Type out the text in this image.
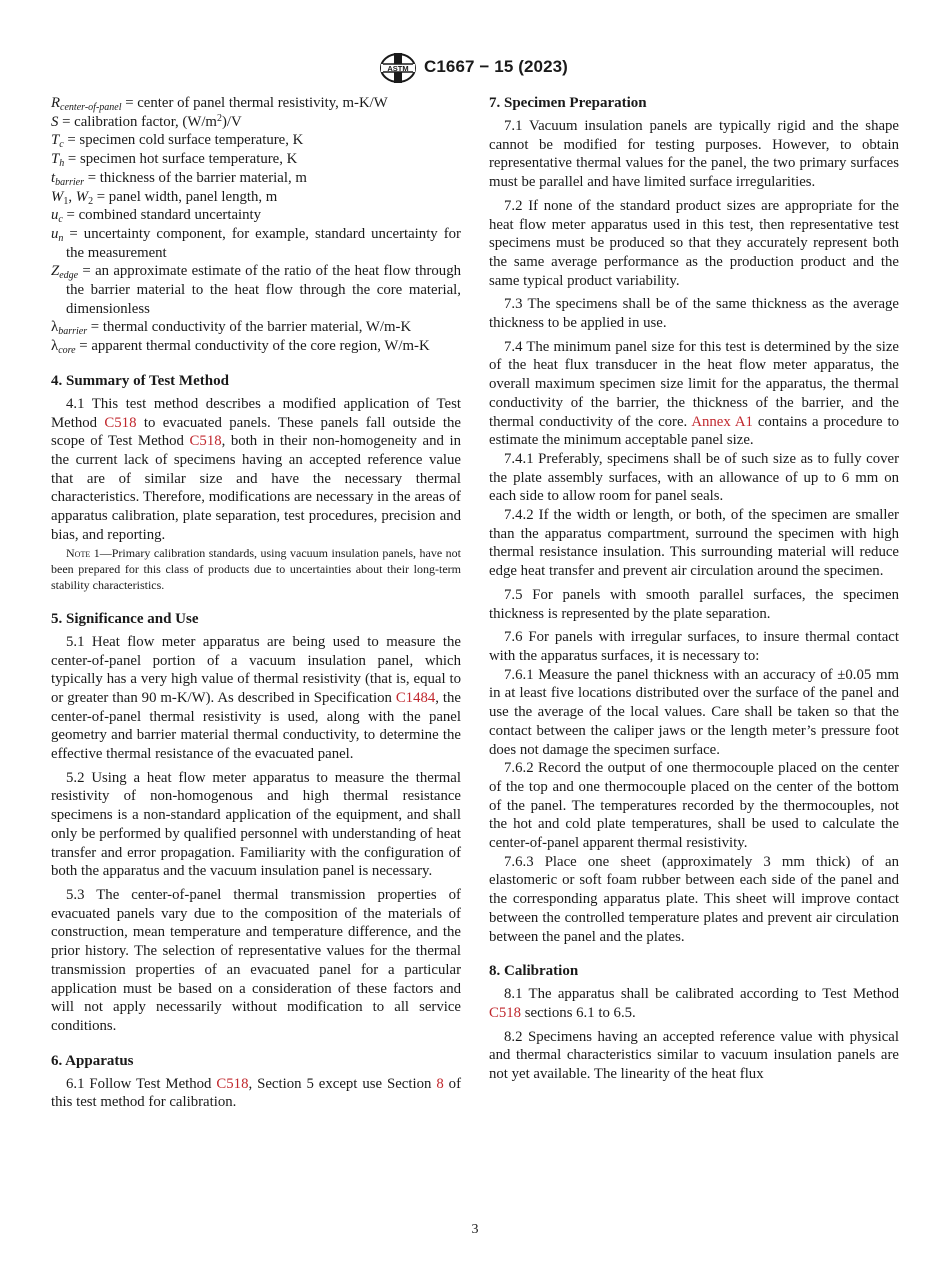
ASTM C1667 − 15 (2023)

$R_{center-of-panel}$ = center of panel thermal resistivity, m-K/W

S = calibration factor, $(W/m^2)/V$

$T_c$ = specimen cold surface temperature, K

$T_h$ = specimen hot surface temperature, K

$t_{barrier}$ = thickness of the barrier material, m

$W_1$, $W_2$ = panel width, panel length, m

$u_c$ = combined standard uncertainty

$u_n$ = uncertainty component, for example, standard uncertainty for the measurement

$Z_{edge}$ = an approximate estimate of the ratio of the heat flow through the barrier material to the heat flow through the core material, dimensionless

$\lambda_{barrier}$ = thermal conductivity of the barrier material, W/m-K

$\lambda_{core}$ = apparent thermal conductivity of the core region, W/m-K

4. Summary of Test Method

4.1 This test method describes a modified application of Test Method C518 to evacuated panels. These panels fall outside the scope of Test Method C518, both in their non-homogeneity and in the current lack of specimens having an accepted reference value that are of similar size and have the necessary thermal characteristics. Therefore, modifications are necessary in the areas of apparatus calibration, plate separation, test procedures, precision and bias, and reporting.

Note 1—Primary calibration standards, using vacuum insulation panels, have not been prepared for this class of products due to uncertainties about their long-term stability characteristics.
5. Significance and Use

5.1 Heat flow meter apparatus are being used to measure the center-of-panel portion of a vacuum insulation panel, which typically has a very high value of thermal resistivity (that is, equal to or greater than 90 m-K/W). As described in Specification C1484, the center-of-panel thermal resistivity is used, along with the panel geometry and barrier material thermal conductivity, to determine the effective thermal resistance of the evacuated panel.

5.2 Using a heat flow meter apparatus to measure the thermal resistivity of non-homogenous and high thermal resistance specimens is a non-standard application of the equipment, and shall only be performed by qualified personnel with understanding of heat transfer and error propagation. Familiarity with the configuration of both the apparatus and the vacuum insulation panel is necessary.

5.3 The center-of-panel thermal transmission properties of evacuated panels vary due to the composition of the materials of construction, mean temperature and temperature difference, and the prior history. The selection of representative values for the thermal transmission properties of an evacuated panel for a particular application must be based on a consideration of these factors and will not apply necessarily without modification to all service conditions.

6. Apparatus

6.1 Follow Test Method C518, Section 5 except use Section 8 of this test method for calibration.

7. Specimen Preparation

7.1 Vacuum insulation panels are typically rigid and the shape cannot be modified for testing purposes. However, to obtain representative thermal values for the panel, the two primary surfaces must be parallel and have limited surface irregularities.

7.2 If none of the standard product sizes are appropriate for the heat flow meter apparatus used in this test, then representative test specimens must be produced so that they accurately represent both the same average performance as the production product and the same typical product variability.

7.3 The specimens shall be of the same thickness as the average thickness to be applied in use.

7.4 The minimum panel size for this test is determined by the size of the heat flux transducer in the heat flow meter apparatus, the overall maximum specimen size limit for the apparatus, the thermal conductivity of the barrier, the thickness of the barrier, and the thermal conductivity of the core. Annex A1 contains a procedure to estimate the minimum acceptable panel size.

7.4.1 Preferably, specimens shall be of such size as to fully cover the plate assembly surfaces, with an allowance of up to 6 mm on each side to allow room for panel seals.

7.4.2 If the width or length, or both, of the specimen are smaller than the apparatus compartment, surround the specimen with high thermal resistance insulation. This surrounding material will reduce edge heat transfer and prevent air circulation around the specimen.

7.5 For panels with smooth parallel surfaces, the specimen thickness is represented by the plate separation.

7.6 For panels with irregular surfaces, to insure thermal contact with the apparatus surfaces, it is necessary to:

7.6.1 Measure the panel thickness with an accuracy of ±0.05 mm in at least five locations distributed over the surface of the panel and use the average of the local values. Care shall be taken so that the contact between the caliper jaws or the length meter’s pressure foot does not damage the specimen surface.

7.6.2 Record the output of one thermocouple placed on the center of the top and one thermocouple placed on the center of the bottom of the panel. The temperatures recorded by the thermocouples, not the hot and cold plate temperatures, shall be used to calculate the center-of-panel apparent thermal resistivity.

7.6.3 Place one sheet (approximately 3 mm thick) of an elastomeric or soft foam rubber between each side of the panel and the corresponding apparatus plate. This sheet will improve contact between the controlled temperature plates and prevent air circulation between the panel and the plates.

8. Calibration

8.1 The apparatus shall be calibrated according to Test Method C518 sections 6.1 to 6.5.

8.2 Specimens having an accepted reference value with physical and thermal characteristics similar to vacuum insulation panels are not yet available. The linearity of the heat flux

3
